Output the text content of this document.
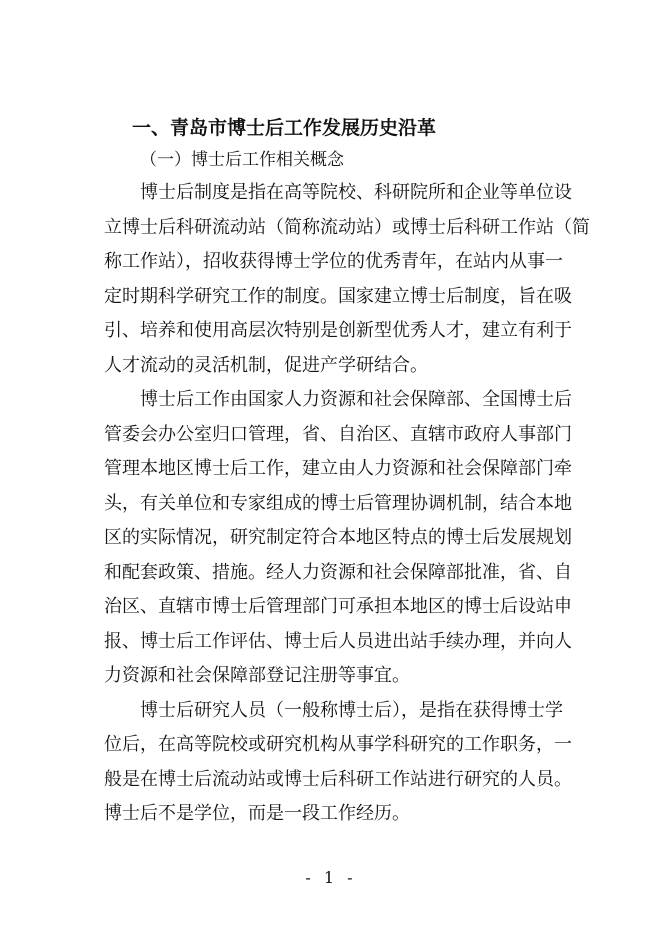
一、青岛市博士后工作发展历史沿革
（一）博士后工作相关概念

博士后制度是指在高等院校、科研院所和企业等单位设
立博士后科研流动站（简称流动站）或博士后科研工作站（简
称工作站），招收获得博士学位的优秀青年，在站内从事一
定时期科学研究工作的制度。国家建立博士后制度，旨在吸
引、培养和使用高层次特别是创新型优秀人才，建立有利于
人才流动的灵活机制，促进产学研结合。

博士后工作由国家人力资源和社会保障部、全国博士后
管委会办公室归口管理，省、自治区、直辖市政府人事部门
管理本地区博士后工作，建立由人力资源和社会保障部门牵
头，有关单位和专家组成的博士后管理协调机制，结合本地
区的实际情况，研究制定符合本地区特点的博士后发展规划
和配套政策、措施。经人力资源和社会保障部批准，省、自
治区、直辖市博士后管理部门可承担本地区的博士后设站申
报、博士后工作评估、博士后人员进出站手续办理，并向人
力资源和社会保障部登记注册等事宜。

博士后研究人员（一般称博士后），是指在获得博士学
位后，在高等院校或研究机构从事学科研究的工作职务，一
般是在博士后流动站或博士后科研工作站进行研究的人员。
博士后不是学位，而是一段工作经历。

- 1 -
